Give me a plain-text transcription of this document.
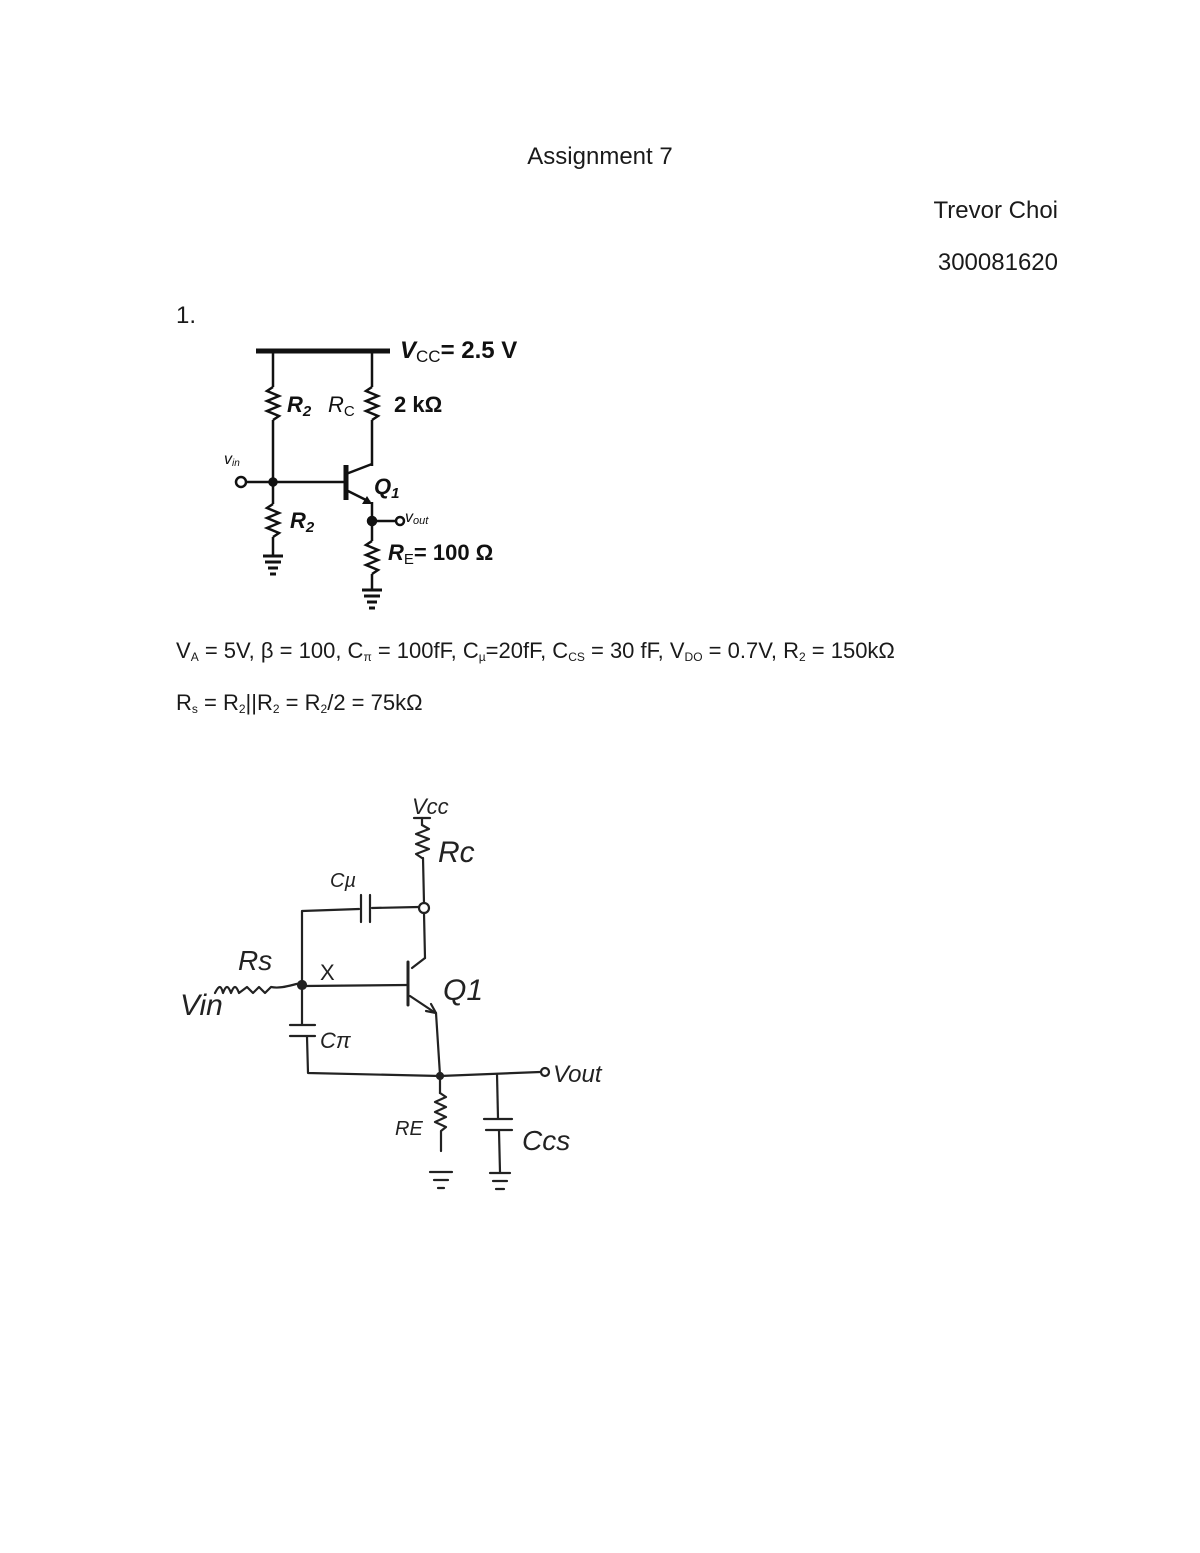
Assignment 7
Trevor Choi
300081620
1.
VCC= 2.5 V
R2 RC 2 kΩ
vin
Q1
vout
R2
RE= 100 Ω
$V_A = 5V$, β = 100, $C_\pi = 100fF$, $C_\mu=20fF$, $C_{CS} = 30$ fF, $V_{DO} = 0.7V$, $R_2 = 150k\Omega$
$R_s = R_2||R_2 = R_2/2 = 75k\Omega$
Vcc
Rc
Cµ
Rs X
Q1
Vin
Cπ
Vout
RE	Ccs
